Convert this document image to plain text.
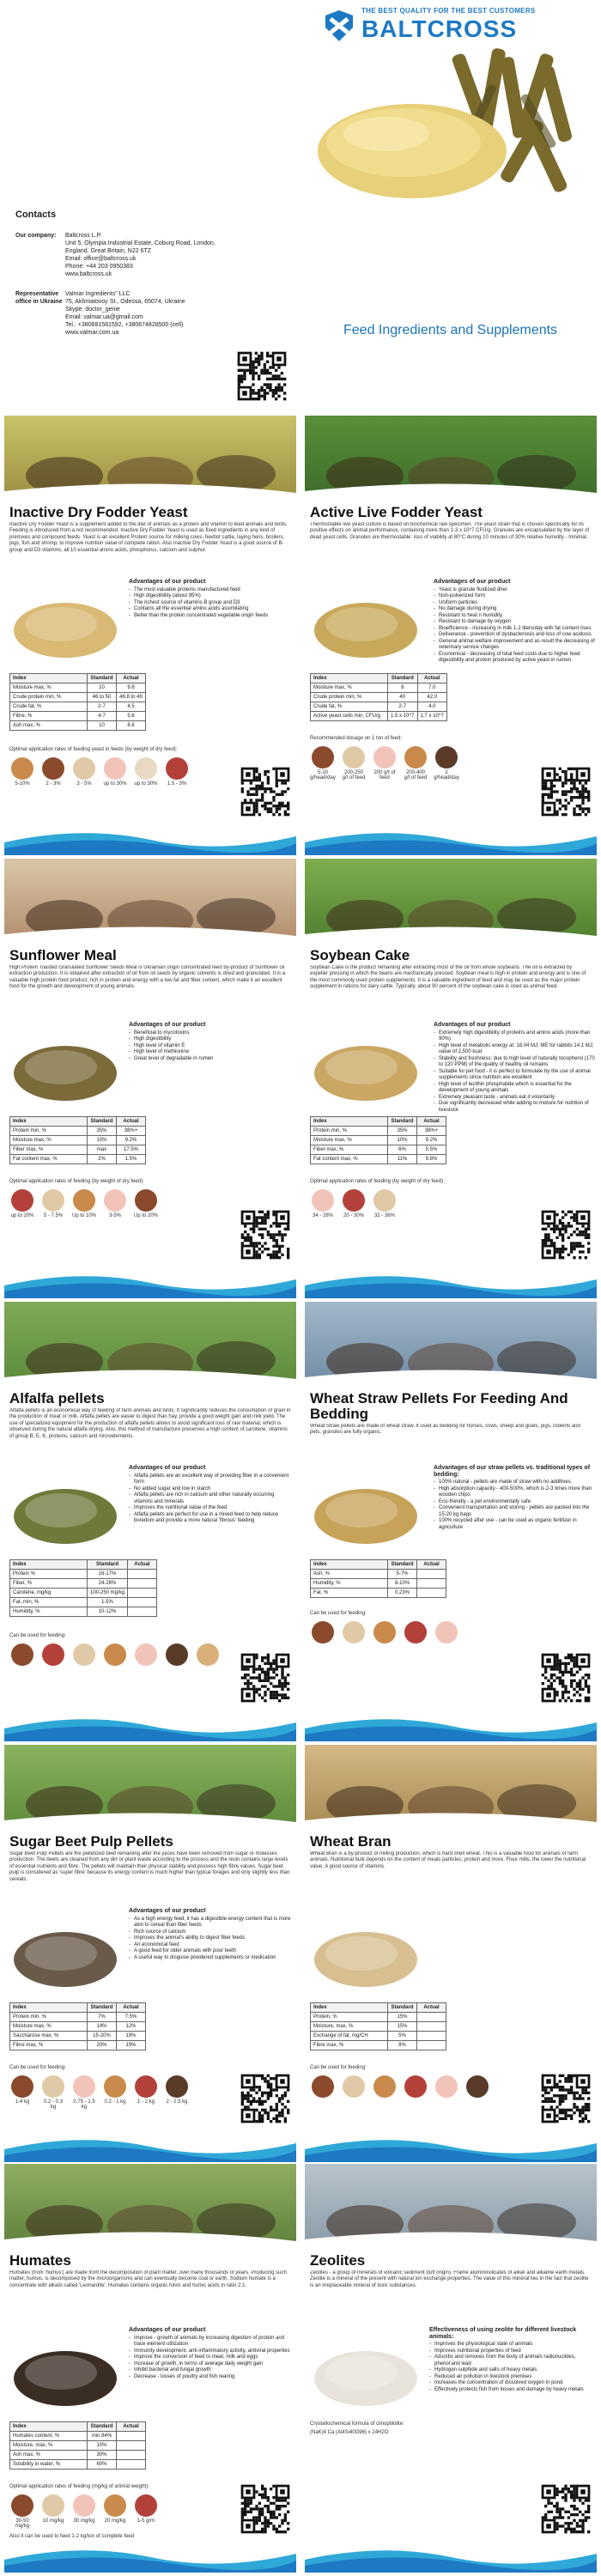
THE BEST QUALITY FOR THE BEST CUSTOMERS
BALTCROSS
Contacts
Our company:	Baltcross L.P.
Unit 5, Olympia Industrial Estate, Coburg Road, London,
England, Great Britain, N22 6TZ
Email: office@baltcross.uk
Phone: +44 203 0950383
www.baltcross.uk
Representative office in Ukraine
Valmar Ingredients" LLC
75, Akhmatovoy St., Odessa, 65074, Ukraine
Skype: doctor_genie
Email: valmar.ua@gmail.com
Tel.: +380681581592, +380674828500 (cell)
www.valmar.com.ua	Feed Ingredients and Supplements
Inactive Dry Fodder Yeast
Inactive Dry Fodder Yeast is a supplement added to the diet of animals as a protein and vitamin to feed animals and birds. Feeding is introduced from a not recommended. Inactive Dry Fodder Yeast is used as fixed ingredients in any kind of premixes and compound feeds. Yeast is an excellent Protein source for milking cows, feedlot cattle, laying hens, broilers, pigs, fish and shrimp, to improve nutrition value of complete ration. Also inactive Dry Fodder Yeast is a good source of B-group and D3 vitamins, all 10 essential amino acids, phosphorus, calcium and sulphur.
Advantages of our product
- The most valuable proteins manufactured feed
- High digestibility (about 95%)
- The richest source of vitamins B group and D3
- Contains all the essential amino acids assimilating
- Better than the protein concentrated vegetable origin feeds
Index	Standard	Actual
Moisture max, %	10	9.6
Crude protein min, %	46 to 50	46.8 to 49
Crude fat, %	2-7	4.5
Fibre, %	4-7	5.6
Ash max, %	10	8.6
Optimal application rates of feeding yeast in feeds (by weight of dry feed):
5-10%	2 - 3%	3 - 5%	up to 30% up to 30%	1.5 - 3%
Active Live Fodder Yeast
Thermostable live yeast culture is based on biochemical raw specimen. The yeast strain that is chosen specifically for its positive effects on animal performance, containing more than 1-3 x 10^7 CFU/g. Granules are encapsulated by the layer of dead yeast cells. Granules are thermostable: loss of viability at 80°C during 10 minutes of 30% relative humidity - minimal.
Advantages of our product
- Yeast is granule fluidized drier
- Non-pulverized form
- Uniform particles
- No damage during drying
- Resistant to heat n humidity
- Resistant to damage by oxygen
- Bioefficience - increasing in milk 1-2 liters/day with fat content rises
- Deliverance - prevention of dysbacteriosis and loss of cow acidosis
- General animal welfare improvement and as result the decreasing of veterinary service charges
- Economical - decreasing of total feed costs due to higher feed digestibility and protein produced by active yeast in rumen
Index	Standard	Actual
Moisture max, %	8	7.0
Crude protein min, %	40	42.0
Crude fat, %	2-7	4.0
Active yeast cells min, CFU/g	1.5 x 10^7	1.7 x 10^7
Recommended dosage on 1 ton of feed:
5-10 g/head/day
200-250 g/t of feed
200 g/t of feed
200-400 g/t of feed
2 g/head/day
Sunflower Meal
High Protein Toasted Granulated Sunflower Seeds Meal is Ukrainian origin concentrated feed by-product of Sunflower oil extraction production. It is obtained after extraction of oil from oil seeds by organic solvents is dried and granulated. It is a valuable high protein food product, rich in protein and energy with a low fat and fiber content, which make it an excellent food for the growth and development of young animals.
Advantages of our product
- Beneficial to mycotoxins
- High digestibility
- High level of vitamin E
- High level of methionine
- Great level of degradable in rumen
Index	Standard	Actual
Protein min, %	35%	38%+
Moisture max, %	10%	9.2%
Fiber max, %	max	17.5%
Fat content max, %	2%	1.5%
Optimal application rates of feeding (by weight of dry feed):
up to 20%	5 - 7.5%	Up to 10%	3-5%	Up to 20%
Soybean Cake
Soybean Cake is the product remaining after extracting most of the oil from whole soybeans. The oil is extracted by expeller pressing in which the beans are mechanically pressed. Soybean meal is high in protein and energy and is one of the most commonly used protein supplements. It is a valuable ingredient of feed and may be used as the major protein supplement in rations for dairy cattle. Typically, about 90 percent of the soybean cake is used as animal feed.
Advantages of our product
- Extremely high digestibility of proteins and amino acids (more than 90%)
- High level of metabolic energy at: 18.04 MJ; ME for rabbits 14.1 MJ; value of 2,500 kcal
- Stability and freshness; due to high level of naturally tocopherol (170 to 120 PPM) of the quality of healthy oil remains
- Suitable for pet food - it is perfect to formulate by the use of animal supplements since nutrition are excellent
- High level of lecithin phosphatide which is essential for the development of young animals
- Extremely pleasant taste - animals eat it voluntarily
- Due significantly decreased while adding to mixture for nutrition of livestock
Index	Standard	Actual
Protein min, %	35%	38%+
Moisture max, %	10%	9.2%
Fiber max, %	6%	5.5%
Fat content max, %	11%	9.8%
Optimal application rates of feeding (by weight of dry feed):
34 - 28%	20 - 30%	32 - 36%
Alfalfa pellets
Alfalfa pellets is an economical way of feeding of farm animals and birds. It significantly reduces the consumption of grain in the production of meat or milk. Alfalfa pellets are easier to digest than hay, provide a good weight gain and milk yield. The use of specialized equipment for the production of alfalfa pellets allows to avoid significant loss of raw material, which is observed during the natural alfalfa drying. Also, this method of manufacture preserves a high content of carotene, vitamins of group B, E, K, proteins, calcium and microelements.
Advantages of our product
- Alfalfa pellets are an excellent way of providing fiber in a convenient form
- No added sugar and low in starch
- Alfalfa pellets are rich in calcium and other naturally occurring vitamins and minerals
- Improves the nutritional value of the feed
- Alfalfa pellets are perfect for use in a mixed feed to help reduce boredom and provide a more natural 'fibrous' feeding
Index	Standard	Actual
Protein %	16-17%	
Fiber, %	24-28%	
Carotene, mg/kg	100-250 mg/kg	
Fat, min, %	1.5%	
Humidity, %	10-12%	
Can be used for feeding:
Wheat Straw Pellets For Feeding And Bedding
Wheat Straw pellets are made of wheat straw, if used as bedding for horses, cows, sheep and goats, pigs, rodents and pets, granules are fully organic.
Advantages of our straw pellets vs. traditional types of bedding:
- 100% natural - pellets are made of straw with no additives
- High absorption capacity - 400-500%, which is 2-3 times more than wooden chips
- Eco-friendly - a pet environmentally safe
- Convenient transportation and storing - pellets are packed into the 15-20 kg bags
- 100% recycled after use - can be used as organic fertilizer in agriculture
Index	Standard	Actual
Ash, %	5-7%	
Humidity, %	8-10%	
Fat, %	0.23%	
Can be used for feeding:
Sugar Beet Pulp Pellets
Sugar Beet Pulp Pellets are the pelletized beet remaining after the juices have been removed from sugar or molasses production. The beets are cleaned from any dirt or plant waste according to the process and the resin contains large levels of essential nutrients and fibre. The pellets will maintain their physical stability and possess high fibre values. Sugar beet pulp is considered as 'super fibre' because its energy content is much higher than typical forages and only slightly less than cereals.
Advantages of our product
- As a high energy feed, it has a digestible energy content that is more akin to cereal than fiber feeds
- Rich source of calcium
- Improves the animal's ability to digest fiber feeds
- An economical feed
- A good feed for older animals with poor teeth
- A useful way to disguise powdered supplements or medication
Index	Standard	Actual
Protein min, %	7%	7.5%
Moisture max, %	14%	12%
Saccharose max, %	15-20%	19%
Fibre max, %	20%	19%
Can be used for feeding:
1-4 kg	0.2 - 0.3 kg
0.75 - 1.5 kg
0.2 - 1 kg	1 - 2 kg	2 - 2.5 kg
Wheat Bran
Wheat Bran is a by-product of milling production, which is hard shell wheat. This is a valuable food for animals of farm animals. Nutritional bulk depends on the content of meals particles, protein and more. Flour mills, the lower the nutritional value. A good source of vitamins.
Index	Standard	Actual
Protein, %	15%	
Moisture, max, %	15%	
Exchange of fat, mg/CH	5%	
Fibre max, %	8%	
Can be used for feeding:
Humates
Humates (from 'humus') are made from the decomposition of plant matter, over many thousands of years. Producing such matter, humus, is decomposed by the microorganisms and can eventually become coal or earth. Sodium humate is a concentrate with alkalis called 'Leonardite'. Humates contains organic fulvic and humic acids in ratio 2:1.
Advantages of our product
- Improve - growth of animals by increasing digestion of protein and trace element utilization
- Immunity development, anti-inflammatory activity, antiviral properties
- Improve the conversion of feed to meat, milk and eggs
- Increase of growth, in terms of average daily weight gain
- Inhibit bacterial and fungal growth
- Decrease - losses of poultry and fish rearing
Index	Standard	Actual
Humates content, %	min 84%	
Moisture, max, %	10%	
Ash max, %	30%	
Solubility in water, %	60%	
Optimal application rates of feeding (mg/kg of animal weight):
30-50 mg/kg
10 mg/kg	30 mg/kg	20 mg/kg	1-5 g/m
Also it can be used to feed 1-2 kg/ton of complete feed
Zeolites
Zeolites - a group of minerals of volcanic sediment (tuff origin). Frame aluminosilicates of alkali and alkaline earth metals. Zeolite is a mineral of the present with natural ion exchange properties. The value of this mineral lies in the fact that zeolite is an irreplaceable mineral of toxic substances.
Effectiveness of using zeolite for different livestock animals:
- Improves the physiological state of animals
- Improves nutritional properties of feed
- Adsorbs and removes from the body of animals radionuclides, phenol and lead
- Hydrogen sulphide and salts of heavy metals
- Reduced air pollution in livestock premises
- Increases the concentration of dissolved oxygen in pond
- Effectively protects fish from losses and damage by heavy metals
Crystallochemical formula of clinoptilolite:
(NaK)4 Ca (Al4Si40O96) x 24H2O
